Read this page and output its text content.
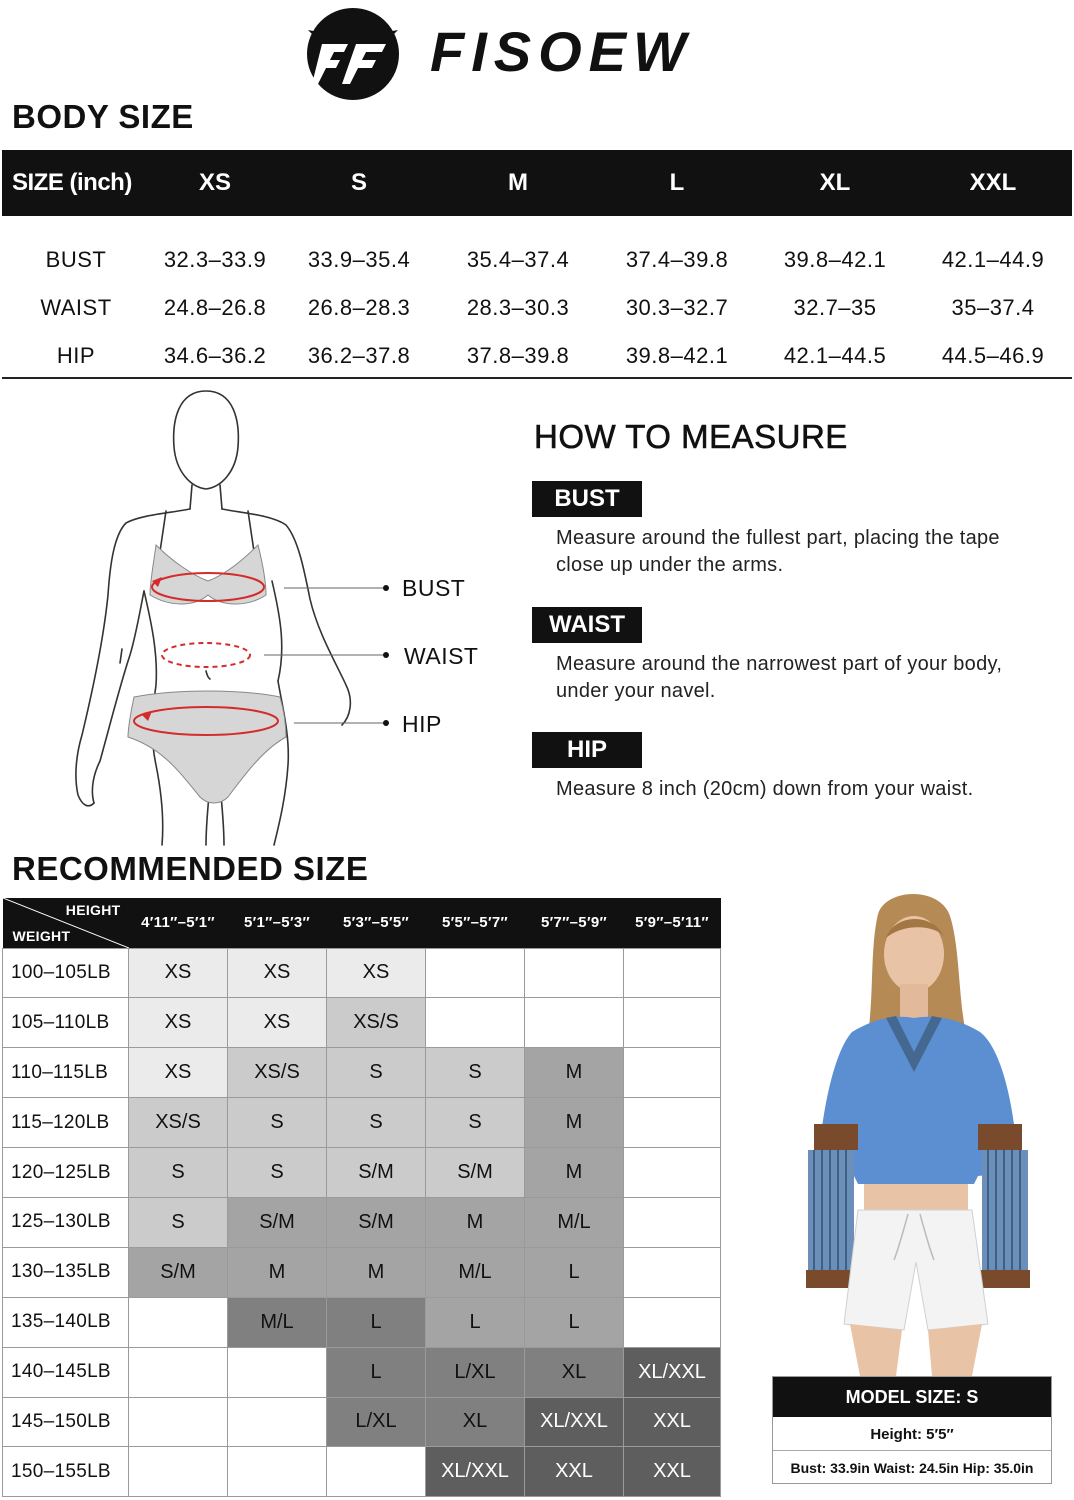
FISOEW
BODY SIZE
SIZE (inch)	XS	S	M	L	XL	XXL
BUST	32.3–33.9	33.9–35.4	35.4–37.4	37.4–39.8	39.8–42.1	42.1–44.9
WAIST	24.8–26.8	26.8–28.3	28.3–30.3	30.3–32.7	32.7–35	35–37.4
HIP	34.6–36.2	36.2–37.8	37.8–39.8	39.8–42.1	42.1–44.5	44.5–46.9
BUST
WAIST
HIP
HOW TO MEASURE
BUST
Measure around the fullest part, placing the tape
close up under the arms.
WAIST
Measure around the narrowest part of your body,
under your navel.
HIP
Measure 8 inch (20cm) down from your waist.
RECOMMENDED SIZE
HEIGHT
WEIGHT	4′11″–5′1″	5′1″–5′3″	5′3″–5′5″	5′5″–5′7″	5′7″–5′9″	5′9″–5′11″
100–105LB	XS	XS	XS			
105–110LB	XS	XS	XS/S			
110–115LB	XS	XS/S	S	S	M	
115–120LB	XS/S	S	S	S	M	
120–125LB	S	S	S/M	S/M	M	
125–130LB	S	S/M	S/M	M	M/L	
130–135LB	S/M	M	M	M/L	L	
135–140LB		M/L	L	L	L	
140–145LB			L	L/XL	XL	XL/XXL
145–150LB			L/XL	XL	XL/XXL	XXL
150–155LB				XL/XXL	XXL	XXL
MODEL SIZE: S
Height: 5′5″
Bust: 33.9in Waist: 24.5in Hip: 35.0in
